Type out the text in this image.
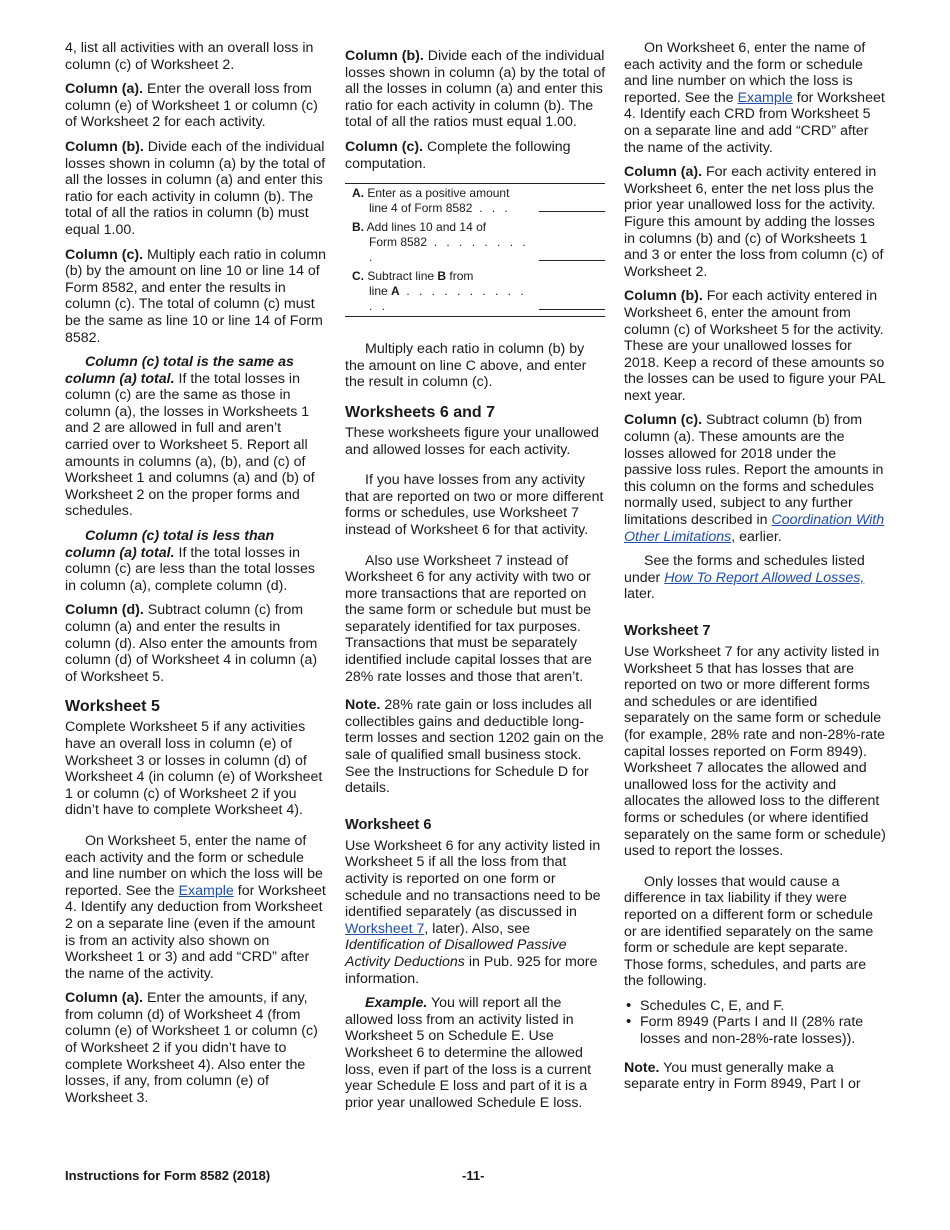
4, list all activities with an overall loss in column (c) of Worksheet 2.

Column (a). Enter the overall loss from column (e) of Worksheet 1 or column (c) of Worksheet 2 for each activity.

Column (b). Divide each of the individual losses shown in column (a) by the total of all the losses in column (a) and enter this ratio for each activity in column (b). The total of all the ratios in column (b) must equal 1.00.

Column (c). Multiply each ratio in column (b) by the amount on line 10 or line 14 of Form 8582, and enter the results in column (c). The total of column (c) must be the same as line 10 or line 14 of Form 8582.

Column (c) total is the same as column (a) total. If the total losses in column (c) are the same as those in column (a), the losses in Worksheets 1 and 2 are allowed in full and aren’t carried over to Worksheet 5. Report all amounts in columns (a), (b), and (c) of Worksheet 1 and columns (a) and (b) of Worksheet 2 on the proper forms and schedules.

Column (c) total is less than column (a) total. If the total losses in column (c) are less than the total losses in column (a), complete column (d).

Column (d). Subtract column (c) from column (a) and enter the results in column (d). Also enter the amounts from column (d) of Worksheet 4 in column (a) of Worksheet 5.

Worksheet 5

Complete Worksheet 5 if any activities have an overall loss in column (e) of Worksheet 3 or losses in column (d) of Worksheet 4 (in column (e) of Worksheet 1 or column (c) of Worksheet 2 if you didn’t have to complete Worksheet 4).

On Worksheet 5, enter the name of each activity and the form or schedule and line number on which the loss will be reported. See the Example for Worksheet 4. Identify any deduction from Worksheet 2 on a separate line (even if the amount is from an activity also shown on Worksheet 1 or 3) and add “CRD” after the name of the activity.

Column (a). Enter the amounts, if any, from column (d) of Worksheet 4 (from column (e) of Worksheet 1 or column (c) of Worksheet 2 if you didn’t have to complete Worksheet 4). Also enter the losses, if any, from column (e) of Worksheet 3.

Column (b). Divide each of the individual losses shown in column (a) by the total of all the losses in column (a) and enter this ratio for each activity in column (b). The total of all the ratios must equal 1.00.

Column (c). Complete the following computation.

A. Enter as a positive amount
line 4 of Form 8582 . . .	

B. Add lines 10 and 14 of
Form 8582 . . . . . . . . .	

C. Subtract line B from
line A . . . . . . . . . . . .	

Multiply each ratio in column (b) by the amount on line C above, and enter the result in column (c).

Worksheets 6 and 7

These worksheets figure your unallowed and allowed losses for each activity.

If you have losses from any activity that are reported on two or more different forms or schedules, use Worksheet 7 instead of Worksheet 6 for that activity.

Also use Worksheet 7 instead of Worksheet 6 for any activity with two or more transactions that are reported on the same form or schedule but must be separately identified for tax purposes. Transactions that must be separately identified include capital losses that are 28% rate losses and those that aren’t.

Note. 28% rate gain or loss includes all collectibles gains and deductible long-term losses and section 1202 gain on the sale of qualified small business stock. See the Instructions for Schedule D for details.

Worksheet 6

Use Worksheet 6 for any activity listed in Worksheet 5 if all the loss from that activity is reported on one form or schedule and no transactions need to be identified separately (as discussed in Worksheet 7, later). Also, see Identification of Disallowed Passive Activity Deductions in Pub. 925 for more information.

Example. You will report all the allowed loss from an activity listed in Worksheet 5 on Schedule E. Use Worksheet 6 to determine the allowed loss, even if part of the loss is a current year Schedule E loss and part of it is a prior year unallowed Schedule E loss.

On Worksheet 6, enter the name of each activity and the form or schedule and line number on which the loss is reported. See the Example for Worksheet 4. Identify each CRD from Worksheet 5 on a separate line and add “CRD” after the name of the activity.

Column (a). For each activity entered in Worksheet 6, enter the net loss plus the prior year unallowed loss for the activity. Figure this amount by adding the losses in columns (b) and (c) of Worksheets 1 and 3 or enter the loss from column (c) of Worksheet 2.

Column (b). For each activity entered in Worksheet 6, enter the amount from column (c) of Worksheet 5 for the activity. These are your unallowed losses for 2018. Keep a record of these amounts so the losses can be used to figure your PAL next year.

Column (c). Subtract column (b) from column (a). These amounts are the losses allowed for 2018 under the passive loss rules. Report the amounts in this column on the forms and schedules normally used, subject to any further limitations described in Coordination With Other Limitations, earlier.

See the forms and schedules listed under How To Report Allowed Losses, later.

Worksheet 7

Use Worksheet 7 for any activity listed in Worksheet 5 that has losses that are reported on two or more different forms and schedules or are identified separately on the same form or schedule (for example, 28% rate and non-28%-rate capital losses reported on Form 8949). Worksheet 7 allocates the allowed and unallowed loss for the activity and allocates the allowed loss to the different forms or schedules (or where identified separately on the same form or schedule) used to report the losses.

Only losses that would cause a difference in tax liability if they were reported on a different form or schedule or are identified separately on the same form or schedule are kept separate. Those forms, schedules, and parts are the following.

• Schedules C, E, and F.
• Form 8949 (Parts I and II (28% rate losses and non-28%-rate losses)).

Note. You must generally make a separate entry in Form 8949, Part I or

Instructions for Form 8582 (2018)	-11-
